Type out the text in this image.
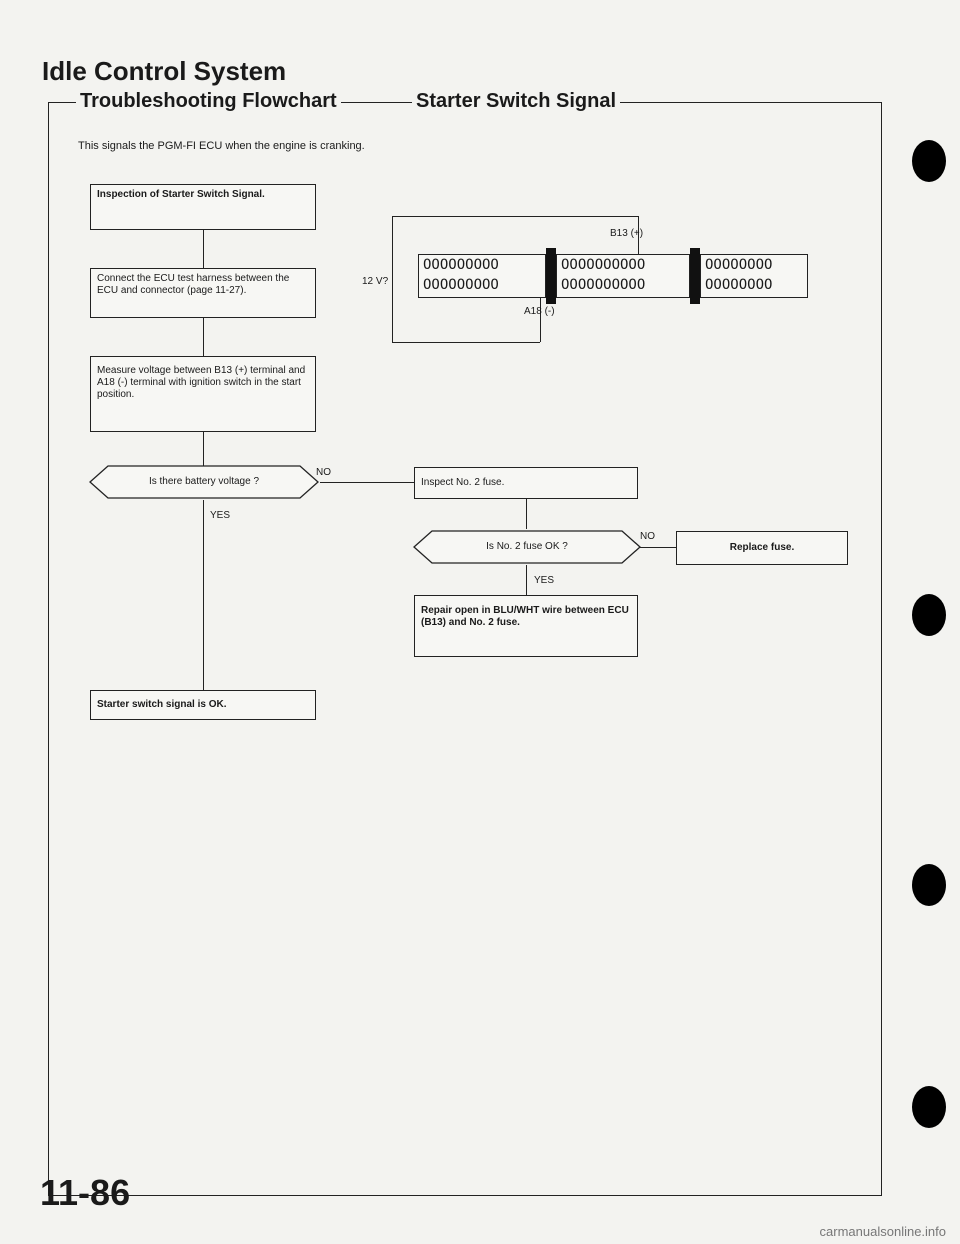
Idle Control System
Troubleshooting Flowchart	Starter Switch Signal
This signals the PGM-FI ECU when the engine is cranking.
Inspection of Starter Switch Signal.
Connect the ECU test harness between the ECU and connector (page 11-27).
Measure voltage between B13 (+) terminal and A18 (-) terminal with ignition switch in the start position.
Is there battery voltage ?
NO
YES
Starter switch signal is OK.
Inspect No. 2 fuse.
Is No. 2 fuse OK ?
NO
Replace fuse.
YES
Repair open in BLU/WHT wire between ECU (B13) and No. 2 fuse.
B13 (+)
A18 (-)
12 V?
OOOOOOOOO
OOOOOOOOO
OOOOOOOOOO
OOOOOOOOOO
OOOOOOOO
OOOOOOOO
11-86
carmanualsonline.info
